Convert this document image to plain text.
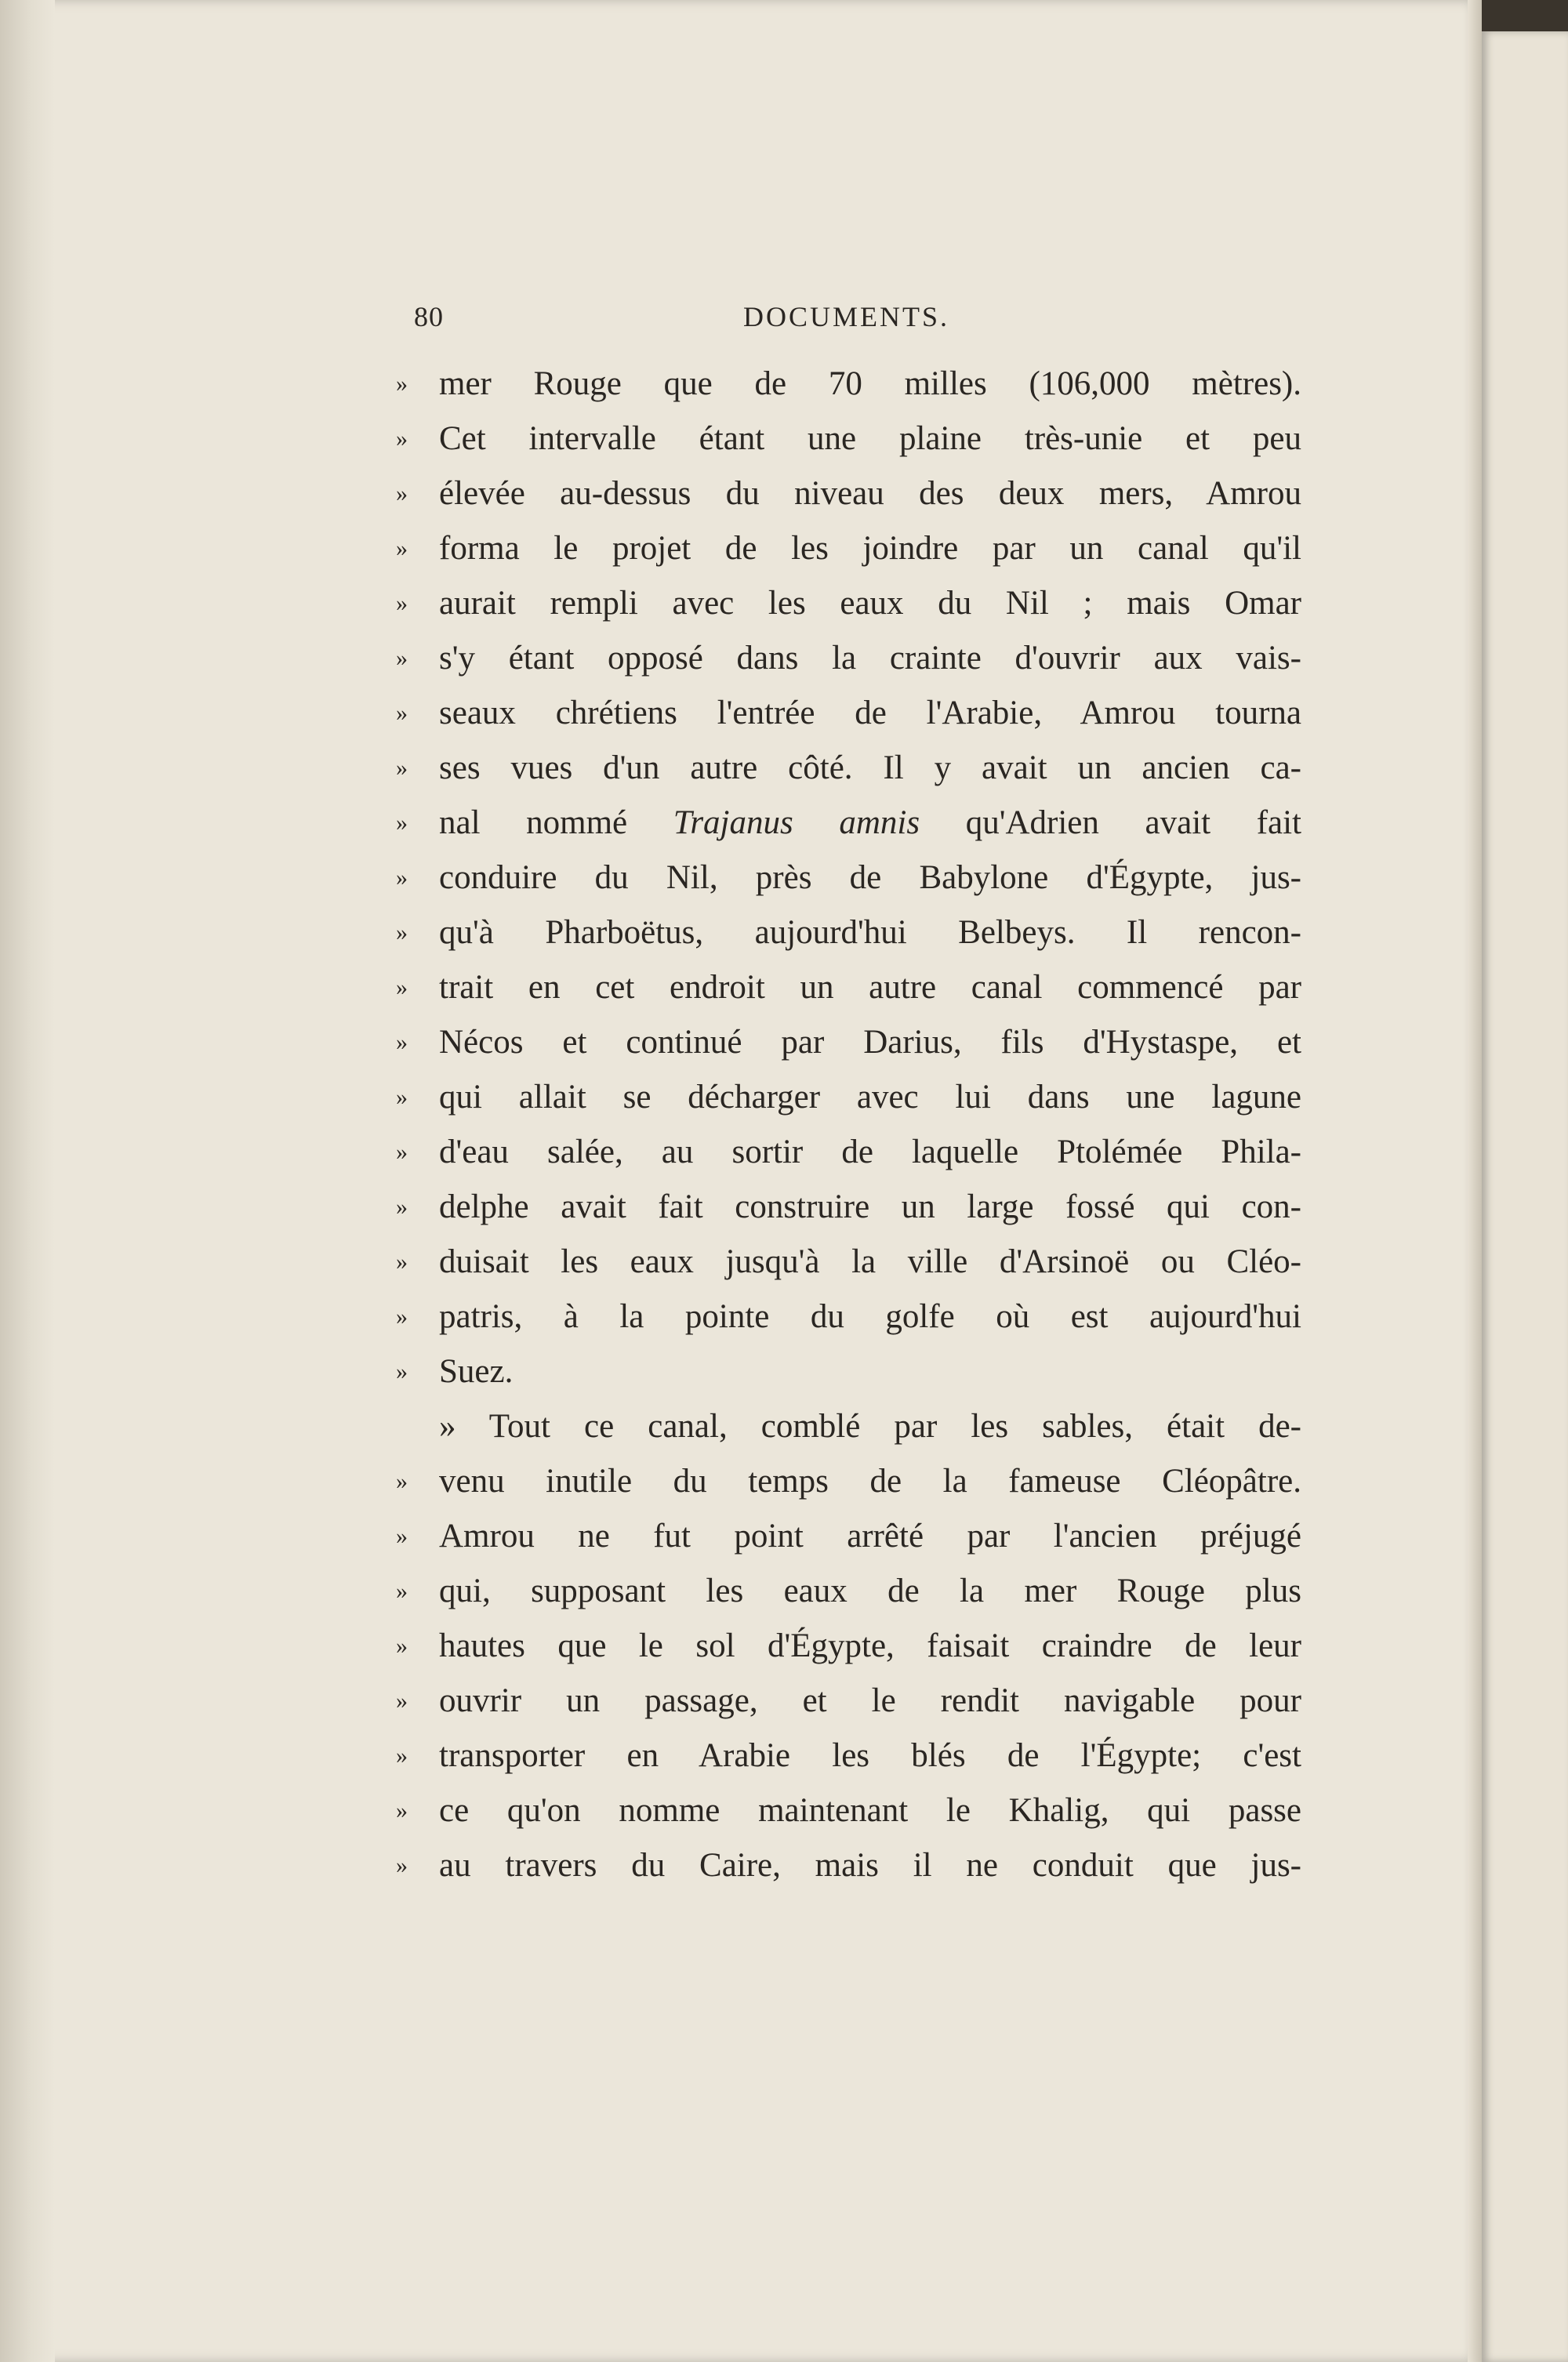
80	DOCUMENTS.
» mer Rouge que de 70 milles (106,000 mètres).
» Cet intervalle étant une plaine très-unie et peu
» élevée au-dessus du niveau des deux mers, Amrou
» forma le projet de les joindre par un canal qu'il
» aurait rempli avec les eaux du Nil ; mais Omar
» s'y étant opposé dans la crainte d'ouvrir aux vais-
» seaux chrétiens l'entrée de l'Arabie, Amrou tourna
» ses vues d'un autre côté. Il y avait un ancien ca-
» nal nommé Trajanus amnis qu'Adrien avait fait
» conduire du Nil, près de Babylone d'Égypte, jus-
» qu'à Pharboëtus, aujourd'hui Belbeys. Il rencon-
» trait en cet endroit un autre canal commencé par
» Nécos et continué par Darius, fils d'Hystaspe, et
» qui allait se décharger avec lui dans une lagune
» d'eau salée, au sortir de laquelle Ptolémée Phila-
» delphe avait fait construire un large fossé qui con-
» duisait les eaux jusqu'à la ville d'Arsinoë ou Cléo-
» patris, à la pointe du golfe où est aujourd'hui
» Suez.
» Tout ce canal, comblé par les sables, était de-
» venu inutile du temps de la fameuse Cléopâtre.
» Amrou ne fut point arrêté par l'ancien préjugé
» qui, supposant les eaux de la mer Rouge plus
» hautes que le sol d'Égypte, faisait craindre de leur
» ouvrir un passage, et le rendit navigable pour
» transporter en Arabie les blés de l'Égypte; c'est
» ce qu'on nomme maintenant le Khalig, qui passe
» au travers du Caire, mais il ne conduit que jus-
